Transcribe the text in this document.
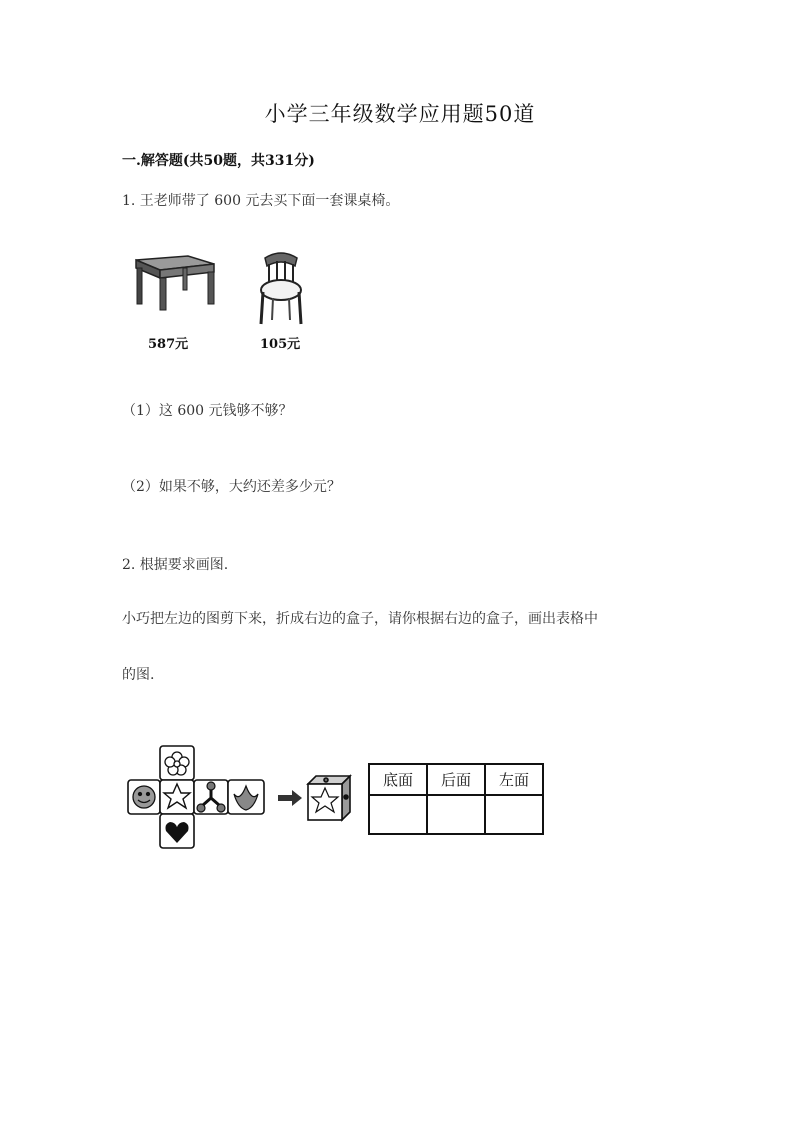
小学三年级数学应用题50道
一.解答题(共50题，共331分)
1. 王老师带了 600 元去买下面一套课桌椅。
587元	105元
（1）这 600 元钱够不够？
（2）如果不够，大约还差多少元？
2. 根据要求画图.
小巧把左边的图剪下来，折成右边的盒子，请你根据右边的盒子，画出表格中
的图.
底面	后面	左面
